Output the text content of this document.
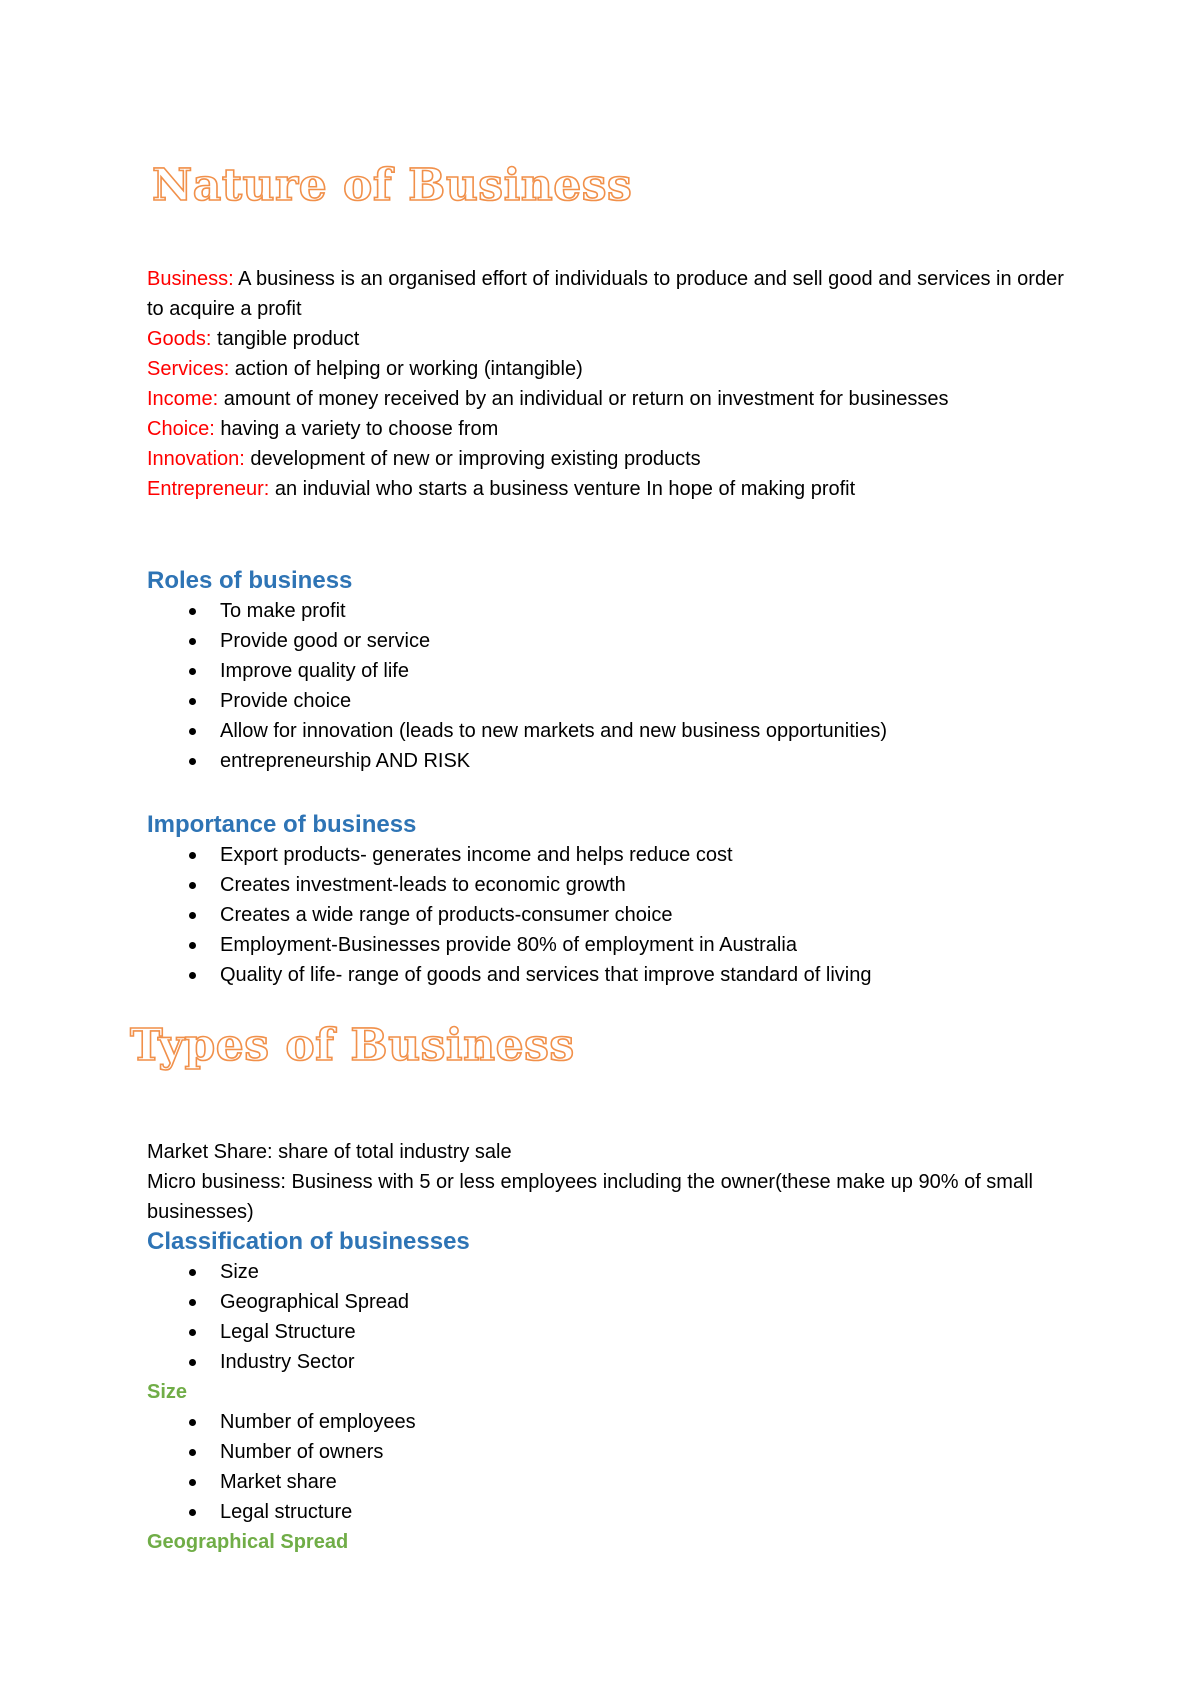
Nature of Business

Business: A business is an organised effort of individuals to produce and sell good and services in order to acquire a profit

Goods: tangible product

Services: action of helping or working (intangible)

Income: amount of money received by an individual or return on investment for businesses

Choice: having a variety to choose from

Innovation: development of new or improving existing products

Entrepreneur: an induvial who starts a business venture In hope of making profit

Roles of business
To make profit
Provide good or service
Improve quality of life
Provide choice
Allow for innovation (leads to new markets and new business opportunities)
entrepreneurship AND RISK
Importance of business
Export products- generates income and helps reduce cost
Creates investment-leads to economic growth
Creates a wide range of products-consumer choice
Employment-Businesses provide 80% of employment in Australia
Quality of life- range of goods and services that improve standard of living
Types of Business

Market Share: share of total industry sale

Micro business: Business with 5 or less employees including the owner(these make up 90% of small businesses)

Classification of businesses
Size
Geographical Spread
Legal Structure
Industry Sector
Size
Number of employees
Number of owners
Market share
Legal structure
Geographical Spread
